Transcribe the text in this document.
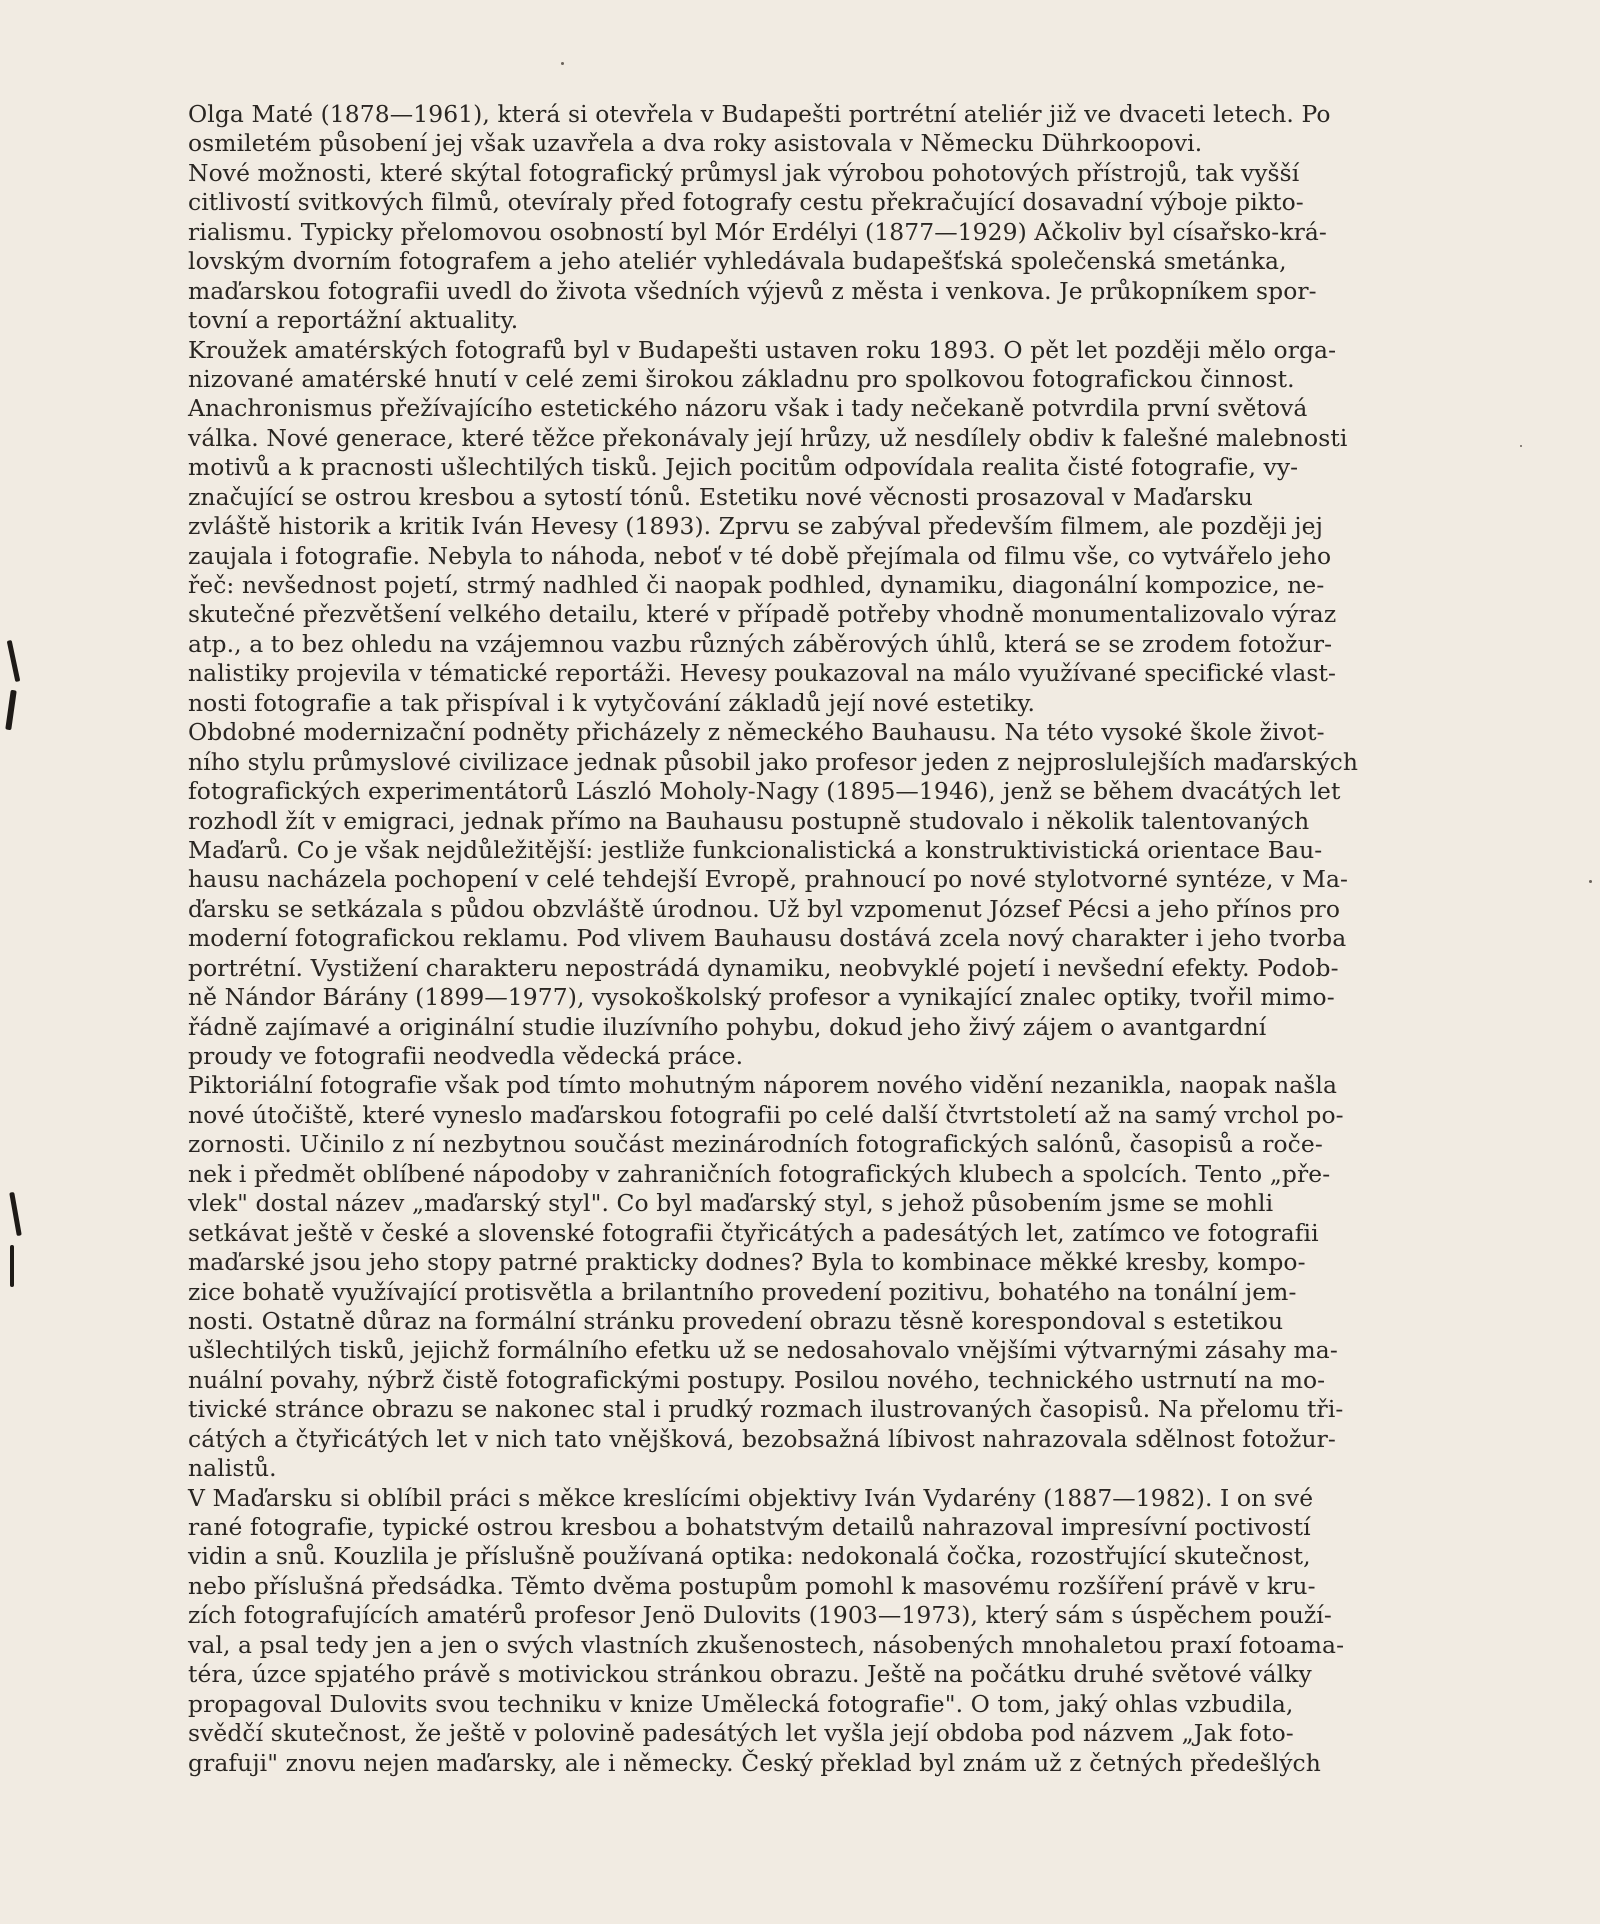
Olga Maté (1878—1961), která si otevřela v Budapešti portrétní ateliér již ve dvaceti letech. Po
osmiletém působení jej však uzavřela a dva roky asistovala v Německu Dührkoopovi.
Nové možnosti, které skýtal fotografický průmysl jak výrobou pohotových přístrojů, tak vyšší
citlivostí svitkových filmů, otevíraly před fotografy cestu překračující dosavadní výboje pikto-
rialismu. Typicky přelomovou osobností byl Mór Erdélyi (1877—1929) Ačkoliv byl císařsko-krá-
lovským dvorním fotografem a jeho ateliér vyhledávala budapešťská společenská smetánka,
maďarskou fotografii uvedl do života všedních výjevů z města i venkova. Je průkopníkem spor-
tovní a reportážní aktuality.
Kroužek amatérských fotografů byl v Budapešti ustaven roku 1893. O pět let později mělo orga-
nizované amatérské hnutí v celé zemi širokou základnu pro spolkovou fotografickou činnost.
Anachronismus přežívajícího estetického názoru však i tady nečekaně potvrdila první světová
válka. Nové generace, které těžce překonávaly její hrůzy, už nesdílely obdiv k falešné malebnosti
motivů a k pracnosti ušlechtilých tisků. Jejich pocitům odpovídala realita čisté fotografie, vy-
značující se ostrou kresbou a sytostí tónů. Estetiku nové věcnosti prosazoval v Maďarsku
zvláště historik a kritik Iván Hevesy (1893). Zprvu se zabýval především filmem, ale později jej
zaujala i fotografie. Nebyla to náhoda, neboť v té době přejímala od filmu vše, co vytvářelo jeho
řeč: nevšednost pojetí, strmý nadhled či naopak podhled, dynamiku, diagonální kompozice, ne-
skutečné přezvětšení velkého detailu, které v případě potřeby vhodně monumentalizovalo výraz
atp., a to bez ohledu na vzájemnou vazbu různých záběrových úhlů, která se se zrodem fotožur-
nalistiky projevila v tématické reportáži. Hevesy poukazoval na málo využívané specifické vlast-
nosti fotografie a tak přispíval i k vytyčování základů její nové estetiky.
Obdobné modernizační podněty přicházely z německého Bauhausu. Na této vysoké škole život-
ního stylu průmyslové civilizace jednak působil jako profesor jeden z nejproslulejších maďarských
fotografických experimentátorů László Moholy-Nagy (1895—1946), jenž se během dvacátých let
rozhodl žít v emigraci, jednak přímo na Bauhausu postupně studovalo i několik talentovaných
Maďarů. Co je však nejdůležitější: jestliže funkcionalistická a konstruktivistická orientace Bau-
hausu nacházela pochopení v celé tehdejší Evropě, prahnoucí po nové stylotvorné syntéze, v Ma-
ďarsku se setkázala s půdou obzvláště úrodnou. Už byl vzpomenut József Pécsi a jeho přínos pro
moderní fotografickou reklamu. Pod vlivem Bauhausu dostává zcela nový charakter i jeho tvorba
portrétní. Vystižení charakteru nepostrádá dynamiku, neobvyklé pojetí i nevšední efekty. Podob-
ně Nándor Bárány (1899—1977), vysokoškolský profesor a vynikající znalec optiky, tvořil mimo-
řádně zajímavé a originální studie iluzívního pohybu, dokud jeho živý zájem o avantgardní
proudy ve fotografii neodvedla vědecká práce.
Piktoriální fotografie však pod tímto mohutným náporem nového vidění nezanikla, naopak našla
nové útočiště, které vyneslo maďarskou fotografii po celé další čtvrtstoletí až na samý vrchol po-
zornosti. Učinilo z ní nezbytnou součást mezinárodních fotografických salónů, časopisů a roče-
nek i předmět oblíbené nápodoby v zahraničních fotografických klubech a spolcích. Tento „pře-
vlek" dostal název „maďarský styl". Co byl maďarský styl, s jehož působením jsme se mohli
setkávat ještě v české a slovenské fotografii čtyřicátých a padesátých let, zatímco ve fotografii
maďarské jsou jeho stopy patrné prakticky dodnes? Byla to kombinace měkké kresby, kompo-
zice bohatě využívající protisvětla a brilantního provedení pozitivu, bohatého na tonální jem-
nosti. Ostatně důraz na formální stránku provedení obrazu těsně korespondoval s estetikou
ušlechtilých tisků, jejichž formálního efetku už se nedosahovalo vnějšími výtvarnými zásahy ma-
nuální povahy, nýbrž čistě fotografickými postupy. Posilou nového, technického ustrnutí na mo-
tivické stránce obrazu se nakonec stal i prudký rozmach ilustrovaných časopisů. Na přelomu tři-
cátých a čtyřicátých let v nich tato vnějšková, bezobsažná líbivost nahrazovala sdělnost fotožur-
nalistů.
V Maďarsku si oblíbil práci s měkce kreslícími objektivy Iván Vydarény (1887—1982). I on své
rané fotografie, typické ostrou kresbou a bohatstvým detailů nahrazoval impresívní poctivostí
vidin a snů. Kouzlila je příslušně používaná optika: nedokonalá čočka, rozostřující skutečnost,
nebo příslušná předsádka. Těmto dvěma postupům pomohl k masovému rozšíření právě v kru-
zích fotografujících amatérů profesor Jenö Dulovits (1903—1973), který sám s úspěchem použí-
val, a psal tedy jen a jen o svých vlastních zkušenostech, násobených mnohaletou praxí fotoama-
téra, úzce spjatého právě s motivickou stránkou obrazu. Ještě na počátku druhé světové války
propagoval Dulovits svou techniku v knize Umělecká fotografie". O tom, jaký ohlas vzbudila,
svědčí skutečnost, že ještě v polovině padesátých let vyšla její obdoba pod názvem „Jak foto-
grafuji" znovu nejen maďarsky, ale i německy. Český překlad byl znám už z četných předešlých
